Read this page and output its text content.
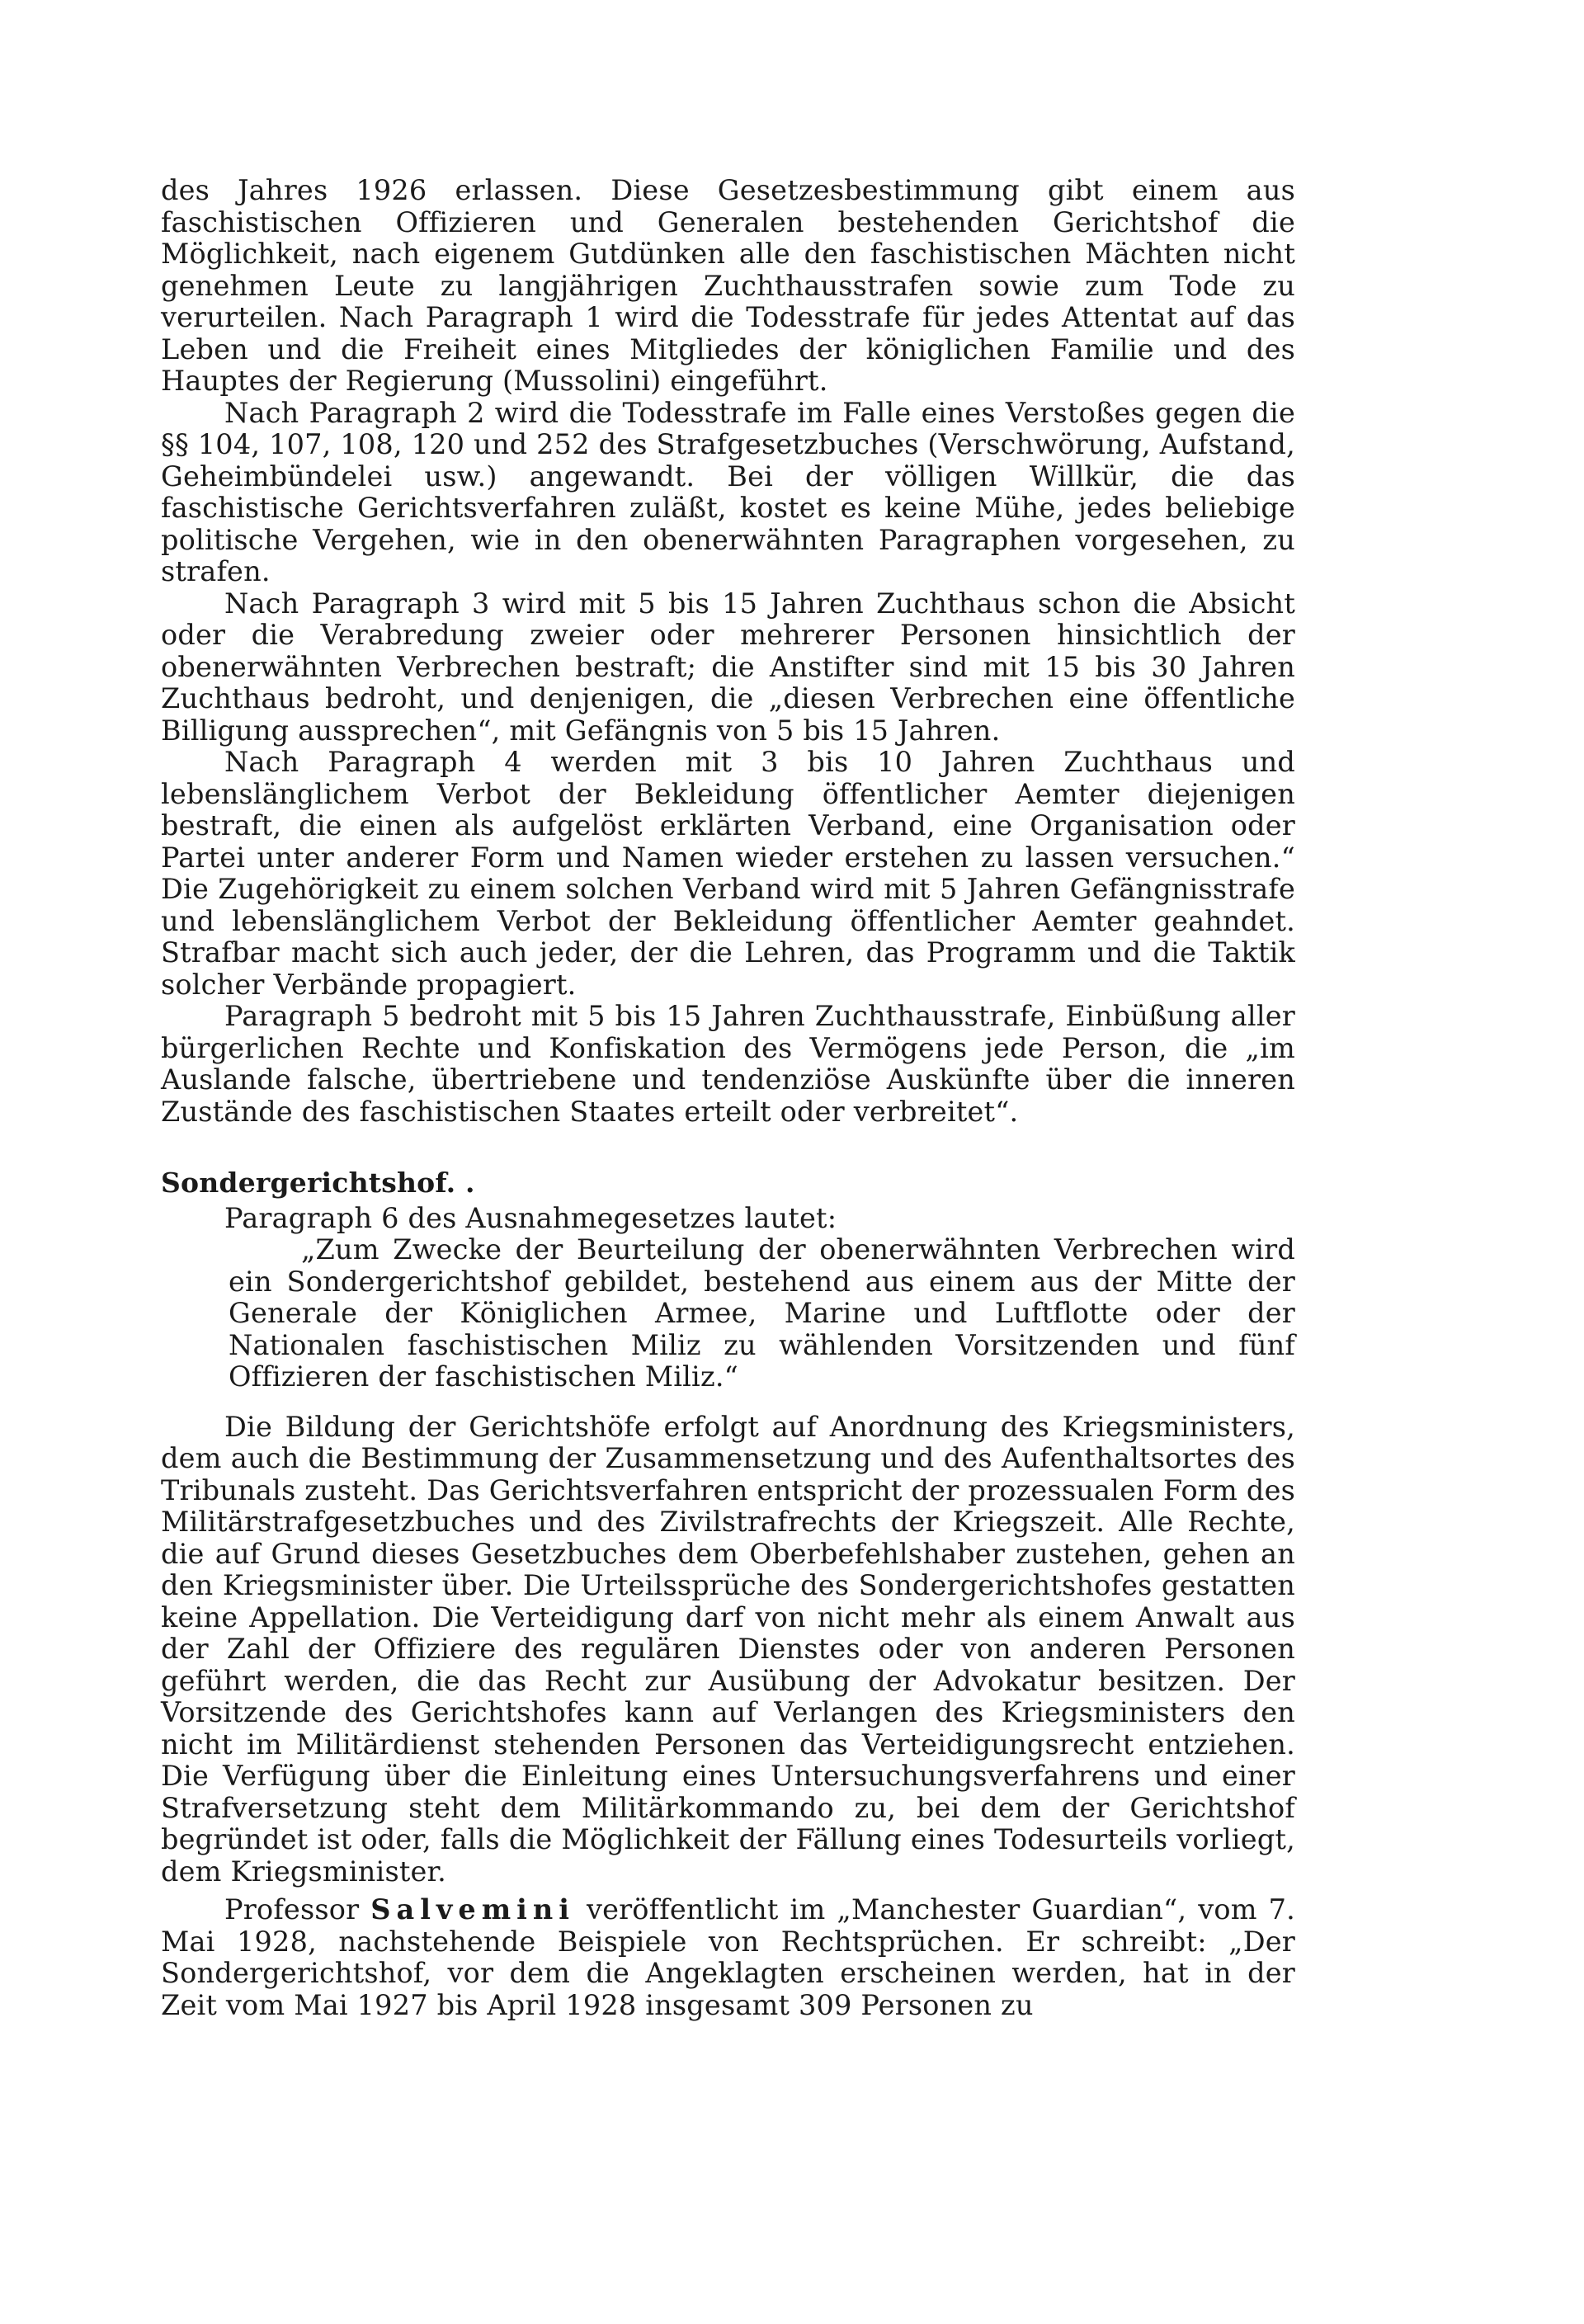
des Jahres 1926 erlassen. Diese Gesetzesbestimmung gibt einem aus faschistischen Offizieren und Generalen bestehenden Gerichtshof die Möglichkeit, nach eigenem Gutdünken alle den faschistischen Mächten nicht genehmen Leute zu langjährigen Zuchthausstrafen sowie zum Tode zu verurteilen. Nach Paragraph 1 wird die Todesstrafe für jedes Attentat auf das Leben und die Freiheit eines Mitgliedes der königlichen Familie und des Hauptes der Regierung (Mussolini) eingeführt.

Nach Paragraph 2 wird die Todesstrafe im Falle eines Verstoßes gegen die §§ 104, 107, 108, 120 und 252 des Strafgesetzbuches (Verschwörung, Aufstand, Geheimbündelei usw.) angewandt. Bei der völligen Willkür, die das faschistische Gerichtsverfahren zuläßt, kostet es keine Mühe, jedes beliebige politische Vergehen, wie in den obenerwähnten Paragraphen vorgesehen, zu strafen.

Nach Paragraph 3 wird mit 5 bis 15 Jahren Zuchthaus schon die Absicht oder die Verabredung zweier oder mehrerer Personen hinsichtlich der obenerwähnten Verbrechen bestraft; die Anstifter sind mit 15 bis 30 Jahren Zuchthaus bedroht, und denjenigen, die „diesen Verbrechen eine öffentliche Billigung aussprechen“, mit Gefängnis von 5 bis 15 Jahren.

Nach Paragraph 4 werden mit 3 bis 10 Jahren Zuchthaus und lebenslänglichem Verbot der Bekleidung öffentlicher Aemter diejenigen bestraft, die einen als aufgelöst erklärten Verband, eine Organisation oder Partei unter anderer Form und Namen wieder erstehen zu lassen versuchen.“ Die Zugehörigkeit zu einem solchen Verband wird mit 5 Jahren Gefängnisstrafe und lebenslänglichem Verbot der Bekleidung öffentlicher Aemter geahndet. Strafbar macht sich auch jeder, der die Lehren, das Programm und die Taktik solcher Verbände propagiert.

Paragraph 5 bedroht mit 5 bis 15 Jahren Zuchthausstrafe, Einbüßung aller bürgerlichen Rechte und Konfiskation des Vermögens jede Person, die „im Auslande falsche, übertriebene und tendenziöse Auskünfte über die inneren Zustände des faschistischen Staates erteilt oder verbreitet“.

Sondergerichtshof. .

Paragraph 6 des Ausnahmegesetzes lautet:

„Zum Zwecke der Beurteilung der obenerwähnten Verbrechen wird ein Sondergerichtshof gebildet, bestehend aus einem aus der Mitte der Generale der Königlichen Armee, Marine und Luftflotte oder der Nationalen faschistischen Miliz zu wählenden Vorsitzenden und fünf Offizieren der faschistischen Miliz.“

Die Bildung der Gerichtshöfe erfolgt auf Anordnung des Kriegsministers, dem auch die Bestimmung der Zusammensetzung und des Aufenthaltsortes des Tribunals zusteht. Das Gerichtsverfahren entspricht der prozessualen Form des Militärstrafgesetzbuches und des Zivilstrafrechts der Kriegszeit. Alle Rechte, die auf Grund dieses Gesetzbuches dem Oberbefehlshaber zustehen, gehen an den Kriegsminister über. Die Urteilssprüche des Sondergerichtshofes gestatten keine Appellation. Die Verteidigung darf von nicht mehr als einem Anwalt aus der Zahl der Offiziere des regulären Dienstes oder von anderen Personen geführt werden, die das Recht zur Ausübung der Advokatur besitzen. Der Vorsitzende des Gerichtshofes kann auf Verlangen des Kriegsministers den nicht im Militärdienst stehenden Personen das Verteidigungsrecht entziehen. Die Verfügung über die Einleitung eines Untersuchungsverfahrens und einer Strafversetzung steht dem Militärkommando zu, bei dem der Gerichtshof begründet ist oder, falls die Möglichkeit der Fällung eines Todesurteils vorliegt, dem Kriegsminister.

Professor Salvemini veröffentlicht im „Manchester Guardian“, vom 7. Mai 1928, nachstehende Beispiele von Rechtsprüchen. Er schreibt: „Der Sondergerichtshof, vor dem die Angeklagten erscheinen werden, hat in der Zeit vom Mai 1927 bis April 1928 insgesamt 309 Personen zu
